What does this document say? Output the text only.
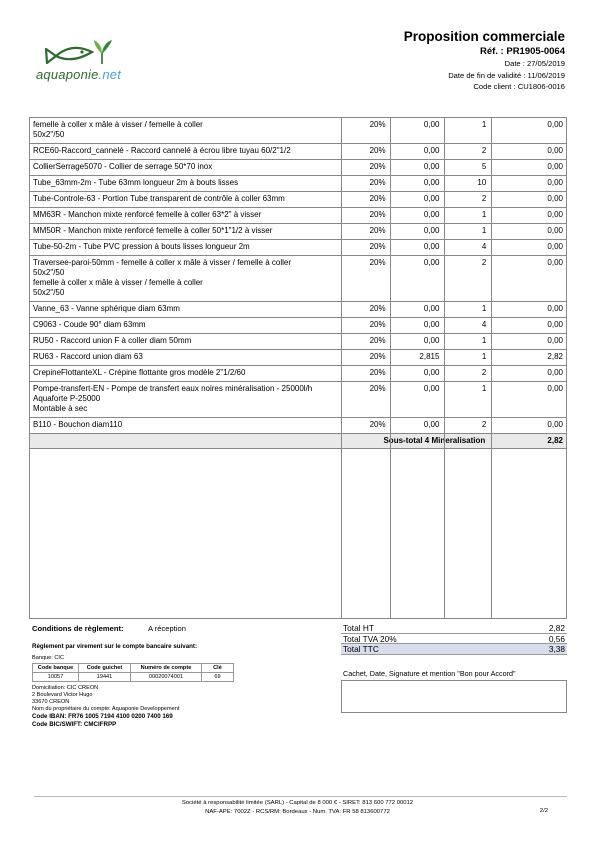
aquaponie.net
Proposition commerciale
Réf. : PR1905-0064
Date : 27/05/2019
Date de fin de validité : 11/06/2019
Code client : CU1806-0016
femelle à coller x mâle à visser / femelle à coller
50x2"/50
20%	0,00	1	0,00
RCE60-Raccord_cannelé - Raccord cannelé à écrou libre tuyau 60/2"1/2	20%	0,00	2	0,00
CollierSerrage5070 - Collier de serrage 50*70 inox	20%	0,00	5	0,00
Tube_63mm-2m - Tube 63mm longueur 2m à bouts lisses	20%	0,00	10	0,00
Tube-Controle-63 - Portion Tube transparent de contrôle à coller 63mm	20%	0,00	2	0,00
MM63R - Manchon mixte renforcé femelle à coller 63*2" à visser	20%	0,00	1	0,00
MM50R - Manchon mixte renforcé femelle à coller 50*1"1/2 à visser	20%	0,00	1	0,00
Tube-50-2m - Tube PVC pression à bouts lisses longueur 2m	20%	0,00	4	0,00
Traversee-paroi-50mm - femelle à coller x mâle à visser / femelle à coller
50x2"/50
femelle à coller x mâle à visser / femelle à coller
50x2"/50
20%	0,00	2	0,00
Vanne_63 - Vanne sphérique diam 63mm	20%	0,00	1	0,00
C9063 - Coude 90° diam 63mm	20%	0,00	4	0,00
RU50 - Raccord union F à coller diam 50mm	20%	0,00	1	0,00
RU63 - Raccord union diam 63	20%	2,815	1	2,82
CrepineFlottanteXL - Crépine flottante gros modèle 2"1/2/60	20%	0,00	2	0,00
Pompe-transfert-EN - Pompe de transfert eaux noires minéralisation - 25000l/h
Aquaforte P-25000
Montable à sec
20%	0,00	1	0,00
B110 - Bouchon diam110	20%	0,00	2	0,00
Sous-total 4 Mineralisation	2,82
Conditions de règlement:	A réception
Règlement par virement sur le compte bancaire suivant:
Banque: CIC
Code banque	Code guichet	Numéro de compte	Clé
10057	19441	00020074001	69
Domiciliation: CIC CREON
2 Boulevard Victor Hugo
33670 CREON
Nom du propriétaire du compte: Aquaponie Developpement
Code IBAN: FR76 1005 7194 4100 0200 7400 169
Code BIC/SWIFT: CMCIFRPP
Total HT	2,82
Total TVA 20%	0,56
Total TTC	3,38
Cachet, Date, Signature et mention "Bon pour Accord"
Société à responsabilité limitée (SARL) - Capital de 8 000 € - SIRET: 813 600 772 00012
NAF-APE: 7002Z - RCS/RM: Bordeaux - Num. TVA: FR 58 813600772	2/2
